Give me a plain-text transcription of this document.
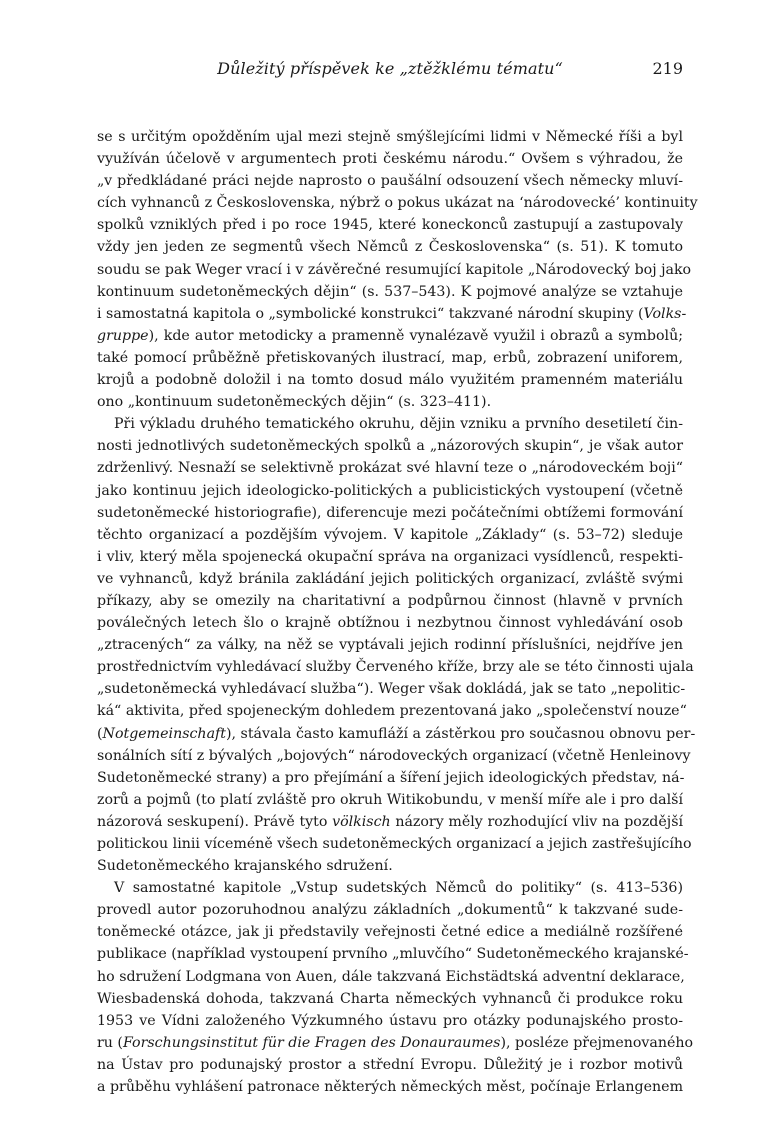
Důležitý příspěvek ke „ztěžklému tématu“	219
se s určitým opožděním ujal mezi stejně smýšlejícími lidmi v Německé říši a byl
využíván účelově v argumentech proti českému národu.“ Ovšem s výhradou, že
„v předkládané práci nejde naprosto o paušální odsouzení všech německy mluví-
cích vyhnanců z Československa, nýbrž o pokus ukázat na ‘národovecké’ kontinuity
spolků vzniklých před i po roce 1945, které koneckonců zastupují a zastupovaly
vždy jen jeden ze segmentů všech Němců z Československa“ (s. 51). K tomuto
soudu se pak Weger vrací i v závěrečné resumující kapitole „Národovecký boj jako
kontinuum sudetoněmeckých dějin“ (s. 537–543). K pojmové analýze se vztahuje
i samostatná kapitola o „symbolické konstrukci“ takzvané národní skupiny (Volks-
gruppe), kde autor metodicky a pramenně vynalézavě využil i obrazů a symbolů;
také pomocí průběžně přetiskovaných ilustrací, map, erbů, zobrazení uniforem,
krojů a podobně doložil i na tomto dosud málo využitém pramenném materiálu
ono „kontinuum sudetoněmeckých dějin“ (s. 323–411).
Při výkladu druhého tematického okruhu, dějin vzniku a prvního desetiletí čin-
nosti jednotlivých sudetoněmeckých spolků a „názorových skupin“, je však autor
zdrženlivý. Nesnaží se selektivně prokázat své hlavní teze o „národoveckém boji“
jako kontinuu jejich ideologicko-politických a publicistických vystoupení (včetně
sudetoněmecké historiografie), diferencuje mezi počátečními obtížemi formování
těchto organizací a pozdějším vývojem. V kapitole „Základy“ (s. 53–72) sleduje
i vliv, který měla spojenecká okupační správa na organizaci vysídlenců, respekti-
ve vyhnanců, když bránila zakládání jejich politických organizací, zvláště svými
příkazy, aby se omezily na charitativní a podpůrnou činnost (hlavně v prvních
poválečných letech šlo o krajně obtížnou i nezbytnou činnost vyhledávání osob
„ztracených“ za války, na něž se vyptávali jejich rodinní příslušníci, nejdříve jen
prostřednictvím vyhledávací služby Červeného kříže, brzy ale se této činnosti ujala
„sudetoněmecká vyhledávací služba“). Weger však dokládá, jak se tato „nepolitic-
ká“ aktivita, před spojeneckým dohledem prezentovaná jako „společenství nouze“
(Notgemeinschaft), stávala často kamufláží a zástěrkou pro současnou obnovu per-
sonálních sítí z bývalých „bojových“ národoveckých organizací (včetně Henleinovy
Sudetoněmecké strany) a pro přejímání a šíření jejich ideologických představ, ná-
zorů a pojmů (to platí zvláště pro okruh Witikobundu, v menší míře ale i pro další
názorová seskupení). Právě tyto völkisch názory měly rozhodující vliv na pozdější
politickou linii víceméně všech sudetoněmeckých organizací a jejich zastřešujícího
Sudetoněmeckého krajanského sdružení.
V samostatné kapitole „Vstup sudetských Němců do politiky“ (s. 413–536)
provedl autor pozoruhodnou analýzu základních „dokumentů“ k takzvané sude-
toněmecké otázce, jak ji představily veřejnosti četné edice a mediálně rozšířené
publikace (například vystoupení prvního „mluvčího“ Sudetoněmeckého krajanské-
ho sdružení Lodgmana von Auen, dále takzvaná Eichstädtská adventní deklarace,
Wiesbadenská dohoda, takzvaná Charta německých vyhnanců či produkce roku
1953 ve Vídni založeného Výzkumného ústavu pro otázky podunajského prosto-
ru (Forschungsinstitut für die Fragen des Donauraumes), posléze přejmenovaného
na Ústav pro podunajský prostor a střední Evropu. Důležitý je i rozbor motivů
a průběhu vyhlášení patronace některých německých měst, počínaje Erlangenem
